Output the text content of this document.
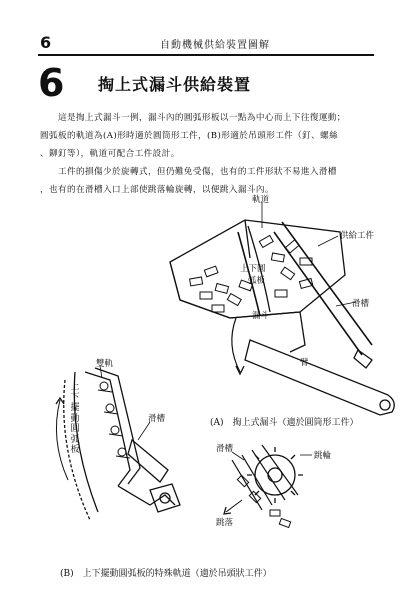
6	自動機械供給裝置圖解
6 掏上式漏斗供給裝置
這是掏上式漏斗一例，漏斗內的圓弧形板以一點為中心而上下往復運動；
圓弧板的軌道為(A)形時適於圓筒形工件，(B)形適於吊頭形工件（釘、螺絲
、鉚釘等），軌道可配合工件設計。
工件的損傷少於旋轉式，但仍難免受傷，也有的工件形狀不易進入滑槽
，也有的在滑槽入口上部使跳落輪旋轉，以便跳入漏斗內。
軌道
供給工件
上下圓
弧板
漏斗
滑槽
臂
雙軌
上下擺動圓弧板
滑槽
滑槽
跳輪
跳落
(A)　掏上式漏斗（適於圓筒形工件）
(B)　上下擺動圓弧板的特殊軌道（適於吊頭狀工件）
